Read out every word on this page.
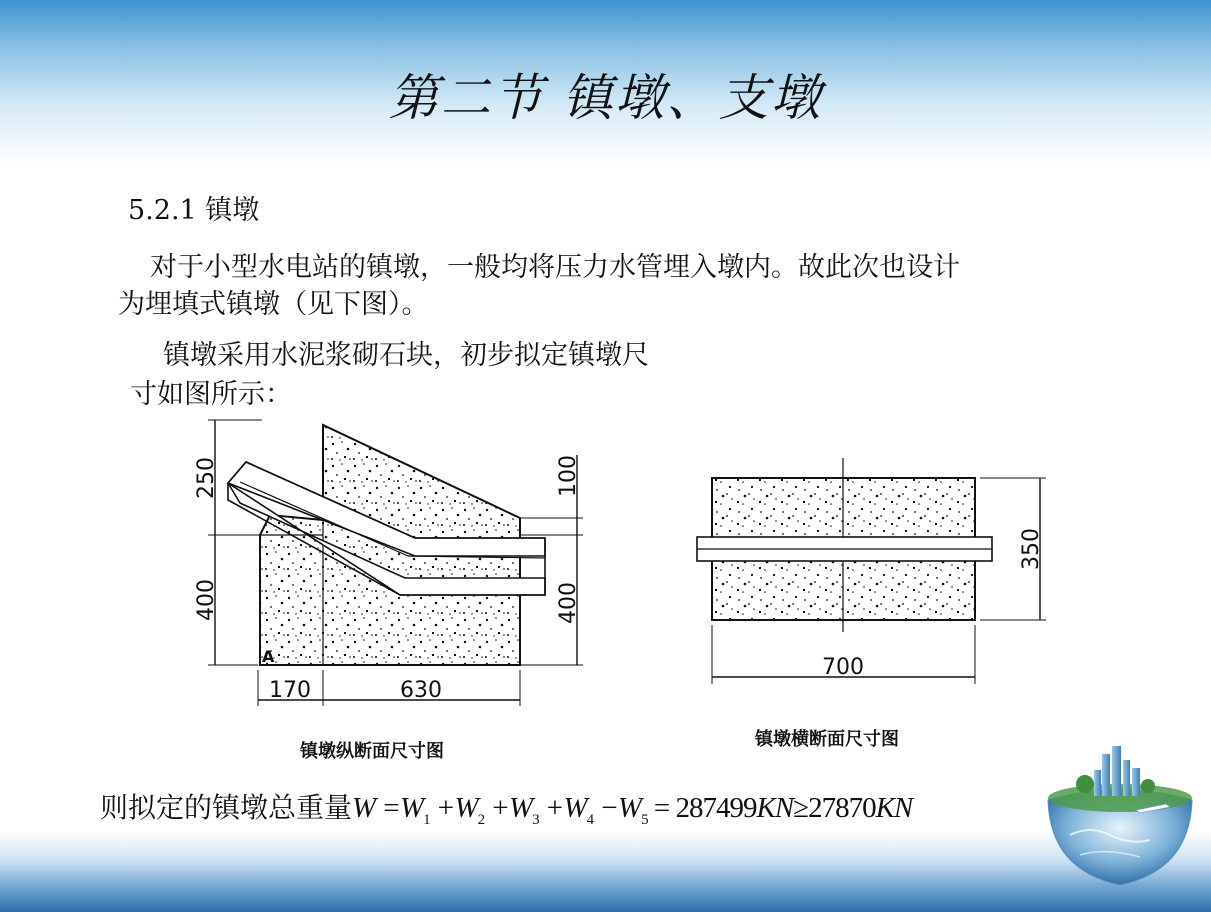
第二节 镇墩、支墩
5.2.1 镇墩
对于小型水电站的镇墩，一般均将压力水管埋入墩内。故此次也设计
为埋填式镇墩（见下图）。
镇墩采用水泥浆砌石块，初步拟定镇墩尺
寸如图所示：
250
400
100
400
170	630
A
350
700
镇墩纵断面尺寸图
镇墩横断面尺寸图
则拟定的镇墩总重量$W =W_1 +W_2 +W_3 +W_4 -W_5 = 287499KN\ge 27870KN$
